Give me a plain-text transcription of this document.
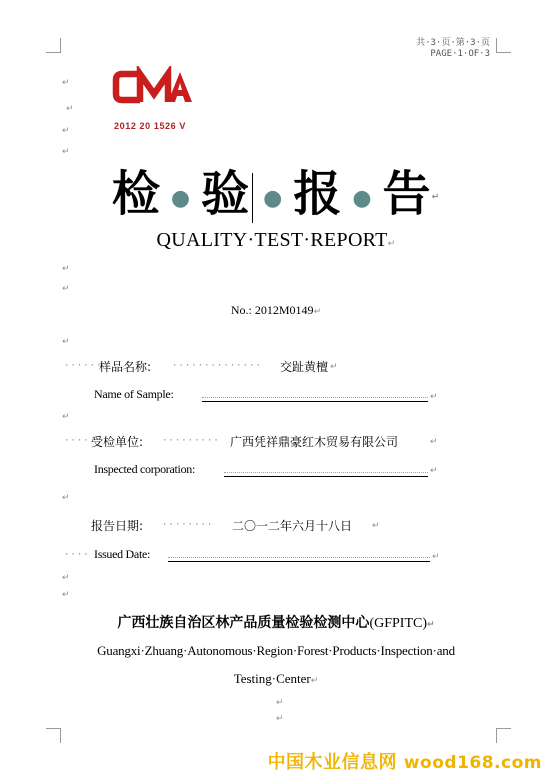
共·3·页·第·3·页
PAGE·1·OF·3
↵
↵
↵
↵
↵
↵
↵
↵
↵
↵
↵
↵
↵
2012 20 1526 V
检 ● 验 ● 报 ● 告↵
QUALITY·TEST·REPORT↵
No.: 2012M0149↵
·······
样品名称: ·············· 交趾黄檀 ↵
Name of Sample:	↵
···· 受检单位: ········· 广西凭祥鼎豪红木贸易有限公司	↵
Inspected corporation:	↵
报告日期: ········ 二〇一二年六月十八日 ↵
···· Issued Date:	↵
广西壮族自治区林产品质量检验检测中心(GFPITC)↵
Guangxi·Zhuang·Autonomous·Region·Forest·Products·Inspection·and
Testing·Center↵
中国木业信息网 wood168.com
